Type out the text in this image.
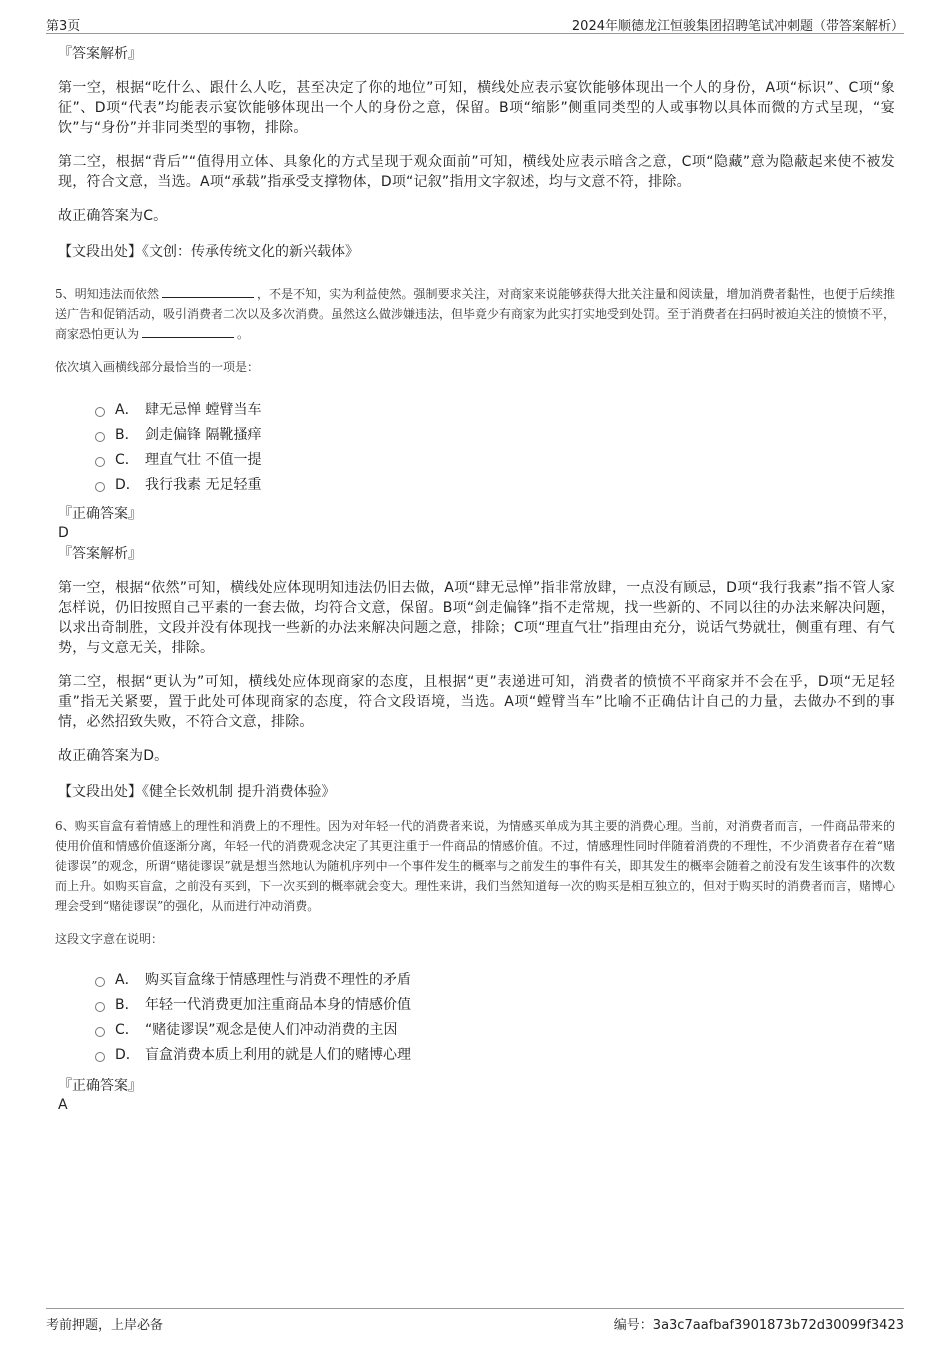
第3页	2024年顺德龙江恒骏集团招聘笔试冲刺题（带答案解析）
『答案解析』
第一空，根据“吃什么、跟什么人吃，甚至决定了你的地位”可知，横线处应表示宴饮能够体现出一个人的身份，A项“标识”、C项“象征”、D项“代表”均能表示宴饮能够体现出一个人的身份之意，保留。B项“缩影”侧重同类型的人或事物以具体而微的方式呈现，“宴饮”与“身份”并非同类型的事物，排除。
第二空，根据“背后”“值得用立体、具象化的方式呈现于观众面前”可知，横线处应表示暗含之意，C项“隐藏”意为隐蔽起来使不被发现，符合文意，当选。A项“承载”指承受支撑物体，D项“记叙”指用文字叙述，均与文意不符，排除。
故正确答案为C。
【文段出处】《文创：传承传统文化的新兴载体》
5、明知违法而依然	，不是不知，实为利益使然。强制要求关注，对商家来说能够获得大批关注量和阅读量，增加消费者黏性，也便于后续推送广告和促销活动，吸引消费者二次以及多次消费。虽然这么做涉嫌违法，但毕竟少有商家为此实打实地受到处罚。至于消费者在扫码时被迫关注的愤愤不平，商家恐怕更认为	。
依次填入画横线部分最恰当的一项是：
A． 肆无忌惮 螳臂当车
B． 剑走偏锋 隔靴搔痒
C． 理直气壮 不值一提
D． 我行我素 无足轻重
『正确答案』
D
『答案解析』
第一空，根据“依然”可知，横线处应体现明知违法仍旧去做，A项“肆无忌惮”指非常放肆，一点没有顾忌，D项“我行我素”指不管人家怎样说，仍旧按照自己平素的一套去做，均符合文意，保留。B项“剑走偏锋”指不走常规，找一些新的、不同以往的办法来解决问题，以求出奇制胜，文段并没有体现找一些新的办法来解决问题之意，排除；C项“理直气壮”指理由充分，说话气势就壮，侧重有理、有气势，与文意无关，排除。
第二空，根据“更认为”可知，横线处应体现商家的态度，且根据“更”表递进可知，消费者的愤愤不平商家并不会在乎，D项“无足轻重”指无关紧要，置于此处可体现商家的态度，符合文段语境，当选。A项“螳臂当车”比喻不正确估计自己的力量，去做办不到的事情，必然招致失败，不符合文意，排除。
故正确答案为D。
【文段出处】《健全长效机制 提升消费体验》
6、购买盲盒有着情感上的理性和消费上的不理性。因为对年轻一代的消费者来说，为情感买单成为其主要的消费心理。当前，对消费者而言，一件商品带来的使用价值和情感价值逐渐分离，年轻一代的消费观念决定了其更注重于一件商品的情感价值。不过，情感理性同时伴随着消费的不理性，不少消费者存在着“赌徒谬误”的观念，所谓“赌徒谬误”就是想当然地认为随机序列中一个事件发生的概率与之前发生的事件有关，即其发生的概率会随着之前没有发生该事件的次数而上升。如购买盲盒，之前没有买到，下一次买到的概率就会变大。理性来讲，我们当然知道每一次的购买是相互独立的，但对于购买时的消费者而言，赌博心理会受到“赌徒谬误”的强化，从而进行冲动消费。
这段文字意在说明：
A． 购买盲盒缘于情感理性与消费不理性的矛盾
B． 年轻一代消费更加注重商品本身的情感价值
C． “赌徒谬误”观念是使人们冲动消费的主因
D． 盲盒消费本质上利用的就是人们的赌博心理
『正确答案』
A
考前押题，上岸必备	编号：3a3c7aafbaf3901873b72d30099f3423
